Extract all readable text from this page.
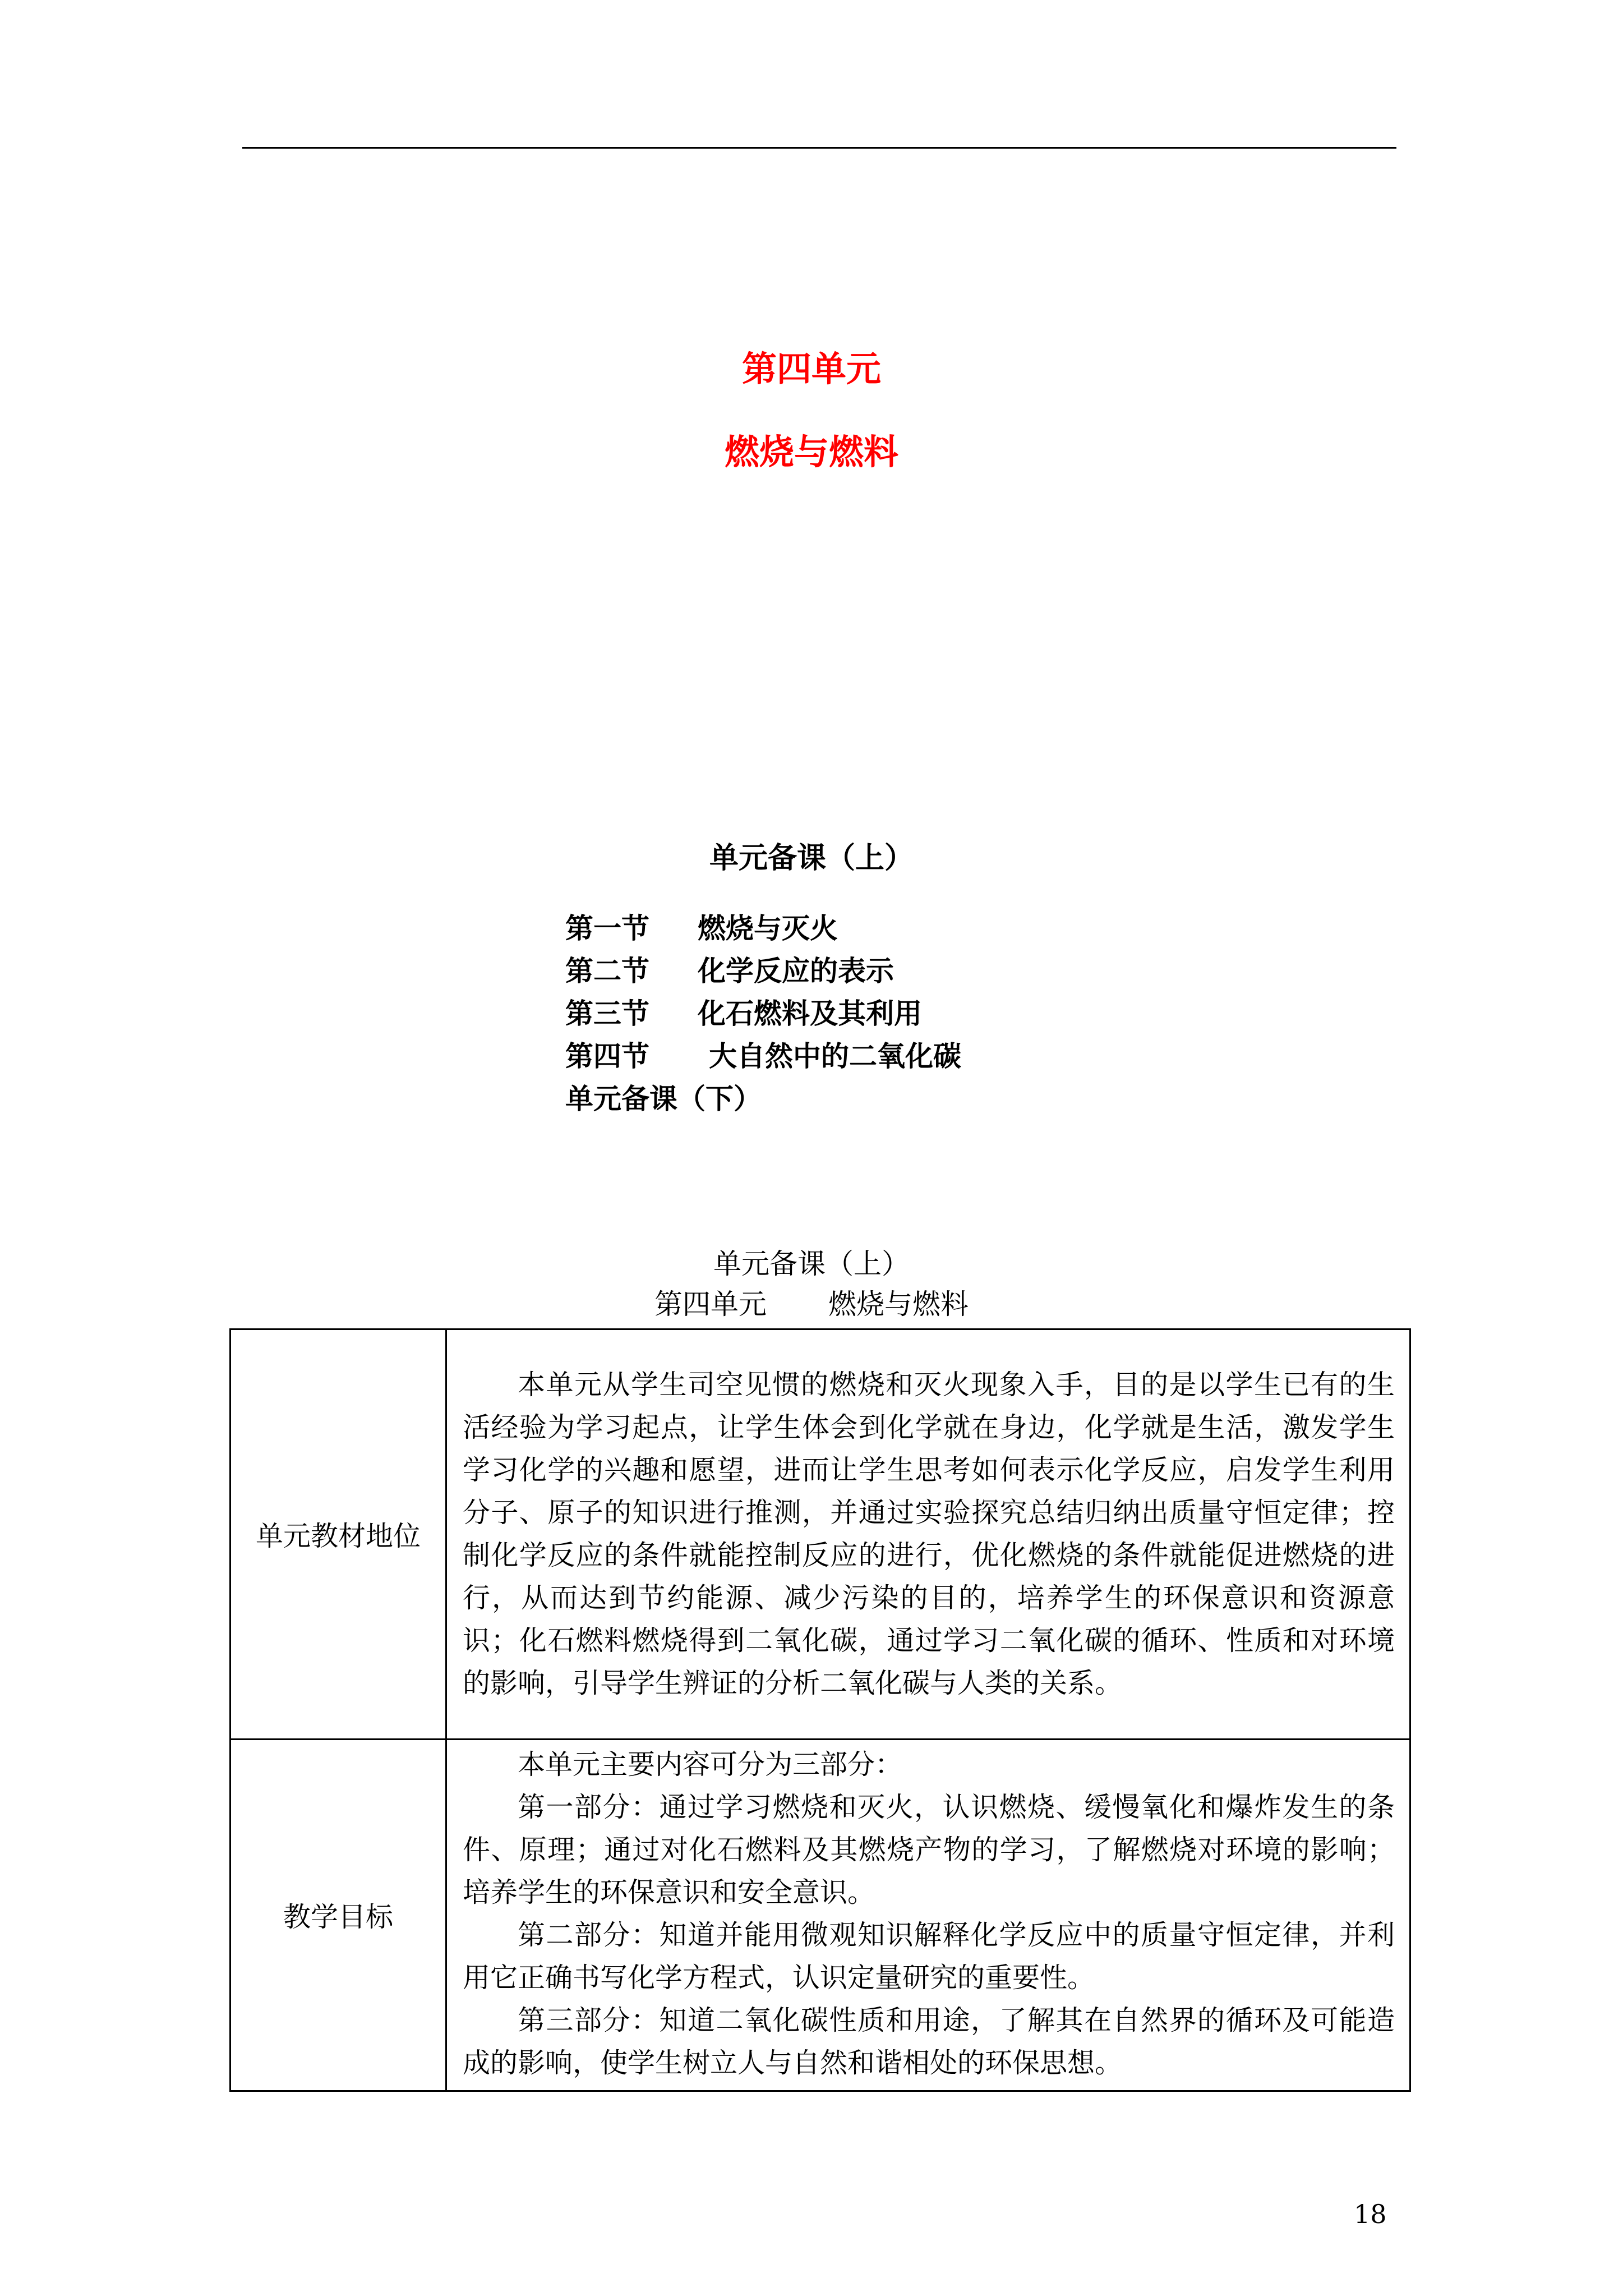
第四单元
燃烧与燃料
单元备课（上）
第一节 燃烧与灭火
第二节 化学反应的表示
第三节 化石燃料及其利用
第四节 大自然中的二氧化碳
单元备课（下）
单元备课（上）
第四单元 燃烧与燃料
单元教材地位	本单元从学生司空见惯的燃烧和灭火现象入手，目的是以学生已有的生活经验为学习起点，让学生体会到化学就在身边，化学就是生活，激发学生学习化学的兴趣和愿望，进而让学生思考如何表示化学反应，启发学生利用分子、原子的知识进行推测，并通过实验探究总结归纳出质量守恒定律；控制化学反应的条件就能控制反应的进行，优化燃烧的条件就能促进燃烧的进行，从而达到节约能源、减少污染的目的，培养学生的环保意识和资源意识；化石燃料燃烧得到二氧化碳，通过学习二氧化碳的循环、性质和对环境的影响，引导学生辨证的分析二氧化碳与人类的关系。

教学目标	本单元主要内容可分为三部分：

第一部分：通过学习燃烧和灭火，认识燃烧、缓慢氧化和爆炸发生的条件、原理；通过对化石燃料及其燃烧产物的学习，了解燃烧对环境的影响；培养学生的环保意识和安全意识。

第二部分：知道并能用微观知识解释化学反应中的质量守恒定律，并利用它正确书写化学方程式，认识定量研究的重要性。

第三部分：知道二氧化碳性质和用途，了解其在自然界的循环及可能造成的影响，使学生树立人与自然和谐相处的环保思想。

18
